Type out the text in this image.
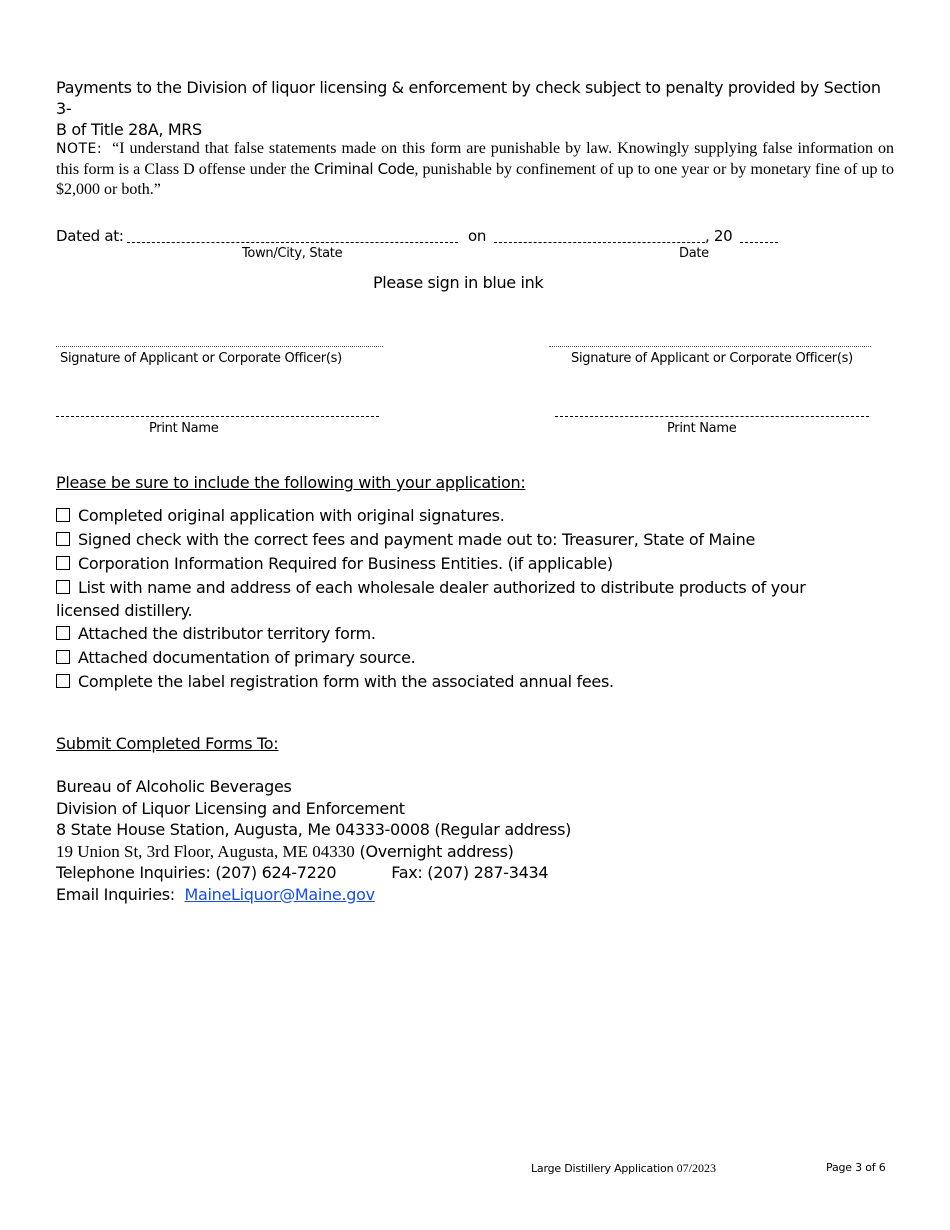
Payments to the Division of liquor licensing & enforcement by check subject to penalty provided by Section 3-
B of Title 28A, MRS
NOTE: “I understand that false statements made on this form are punishable by law. Knowingly supplying false information on this form is a Class D offense under the Criminal Code, punishable by confinement of up to one year or by monetary fine of up to $2,000 or both.”
Dated at:	on	, 20
Town/City, State	Date
Please sign in blue ink
Signature of Applicant or Corporate Officer(s)	Signature of Applicant or Corporate Officer(s)
Print Name	Print Name
Please be sure to include the following with your application:
Completed original application with original signatures.
Signed check with the correct fees and payment made out to: Treasurer, State of Maine
Corporation Information Required for Business Entities. (if applicable)
List with name and address of each wholesale dealer authorized to distribute products of your licensed distillery.
Attached the distributor territory form.
Attached documentation of primary source.
Complete the label registration form with the associated annual fees.
Submit Completed Forms To:
Bureau of Alcoholic Beverages
Division of Liquor Licensing and Enforcement
8 State House Station, Augusta, Me 04333-0008 (Regular address)
19 Union St, 3rd Floor, Augusta, ME 04330 (Overnight address)
Telephone Inquiries: (207) 624-7220	Fax: (207) 287-3434
Email Inquiries: MaineLiquor@Maine.gov
Large Distillery Application 07/2023	Page 3 of 6
